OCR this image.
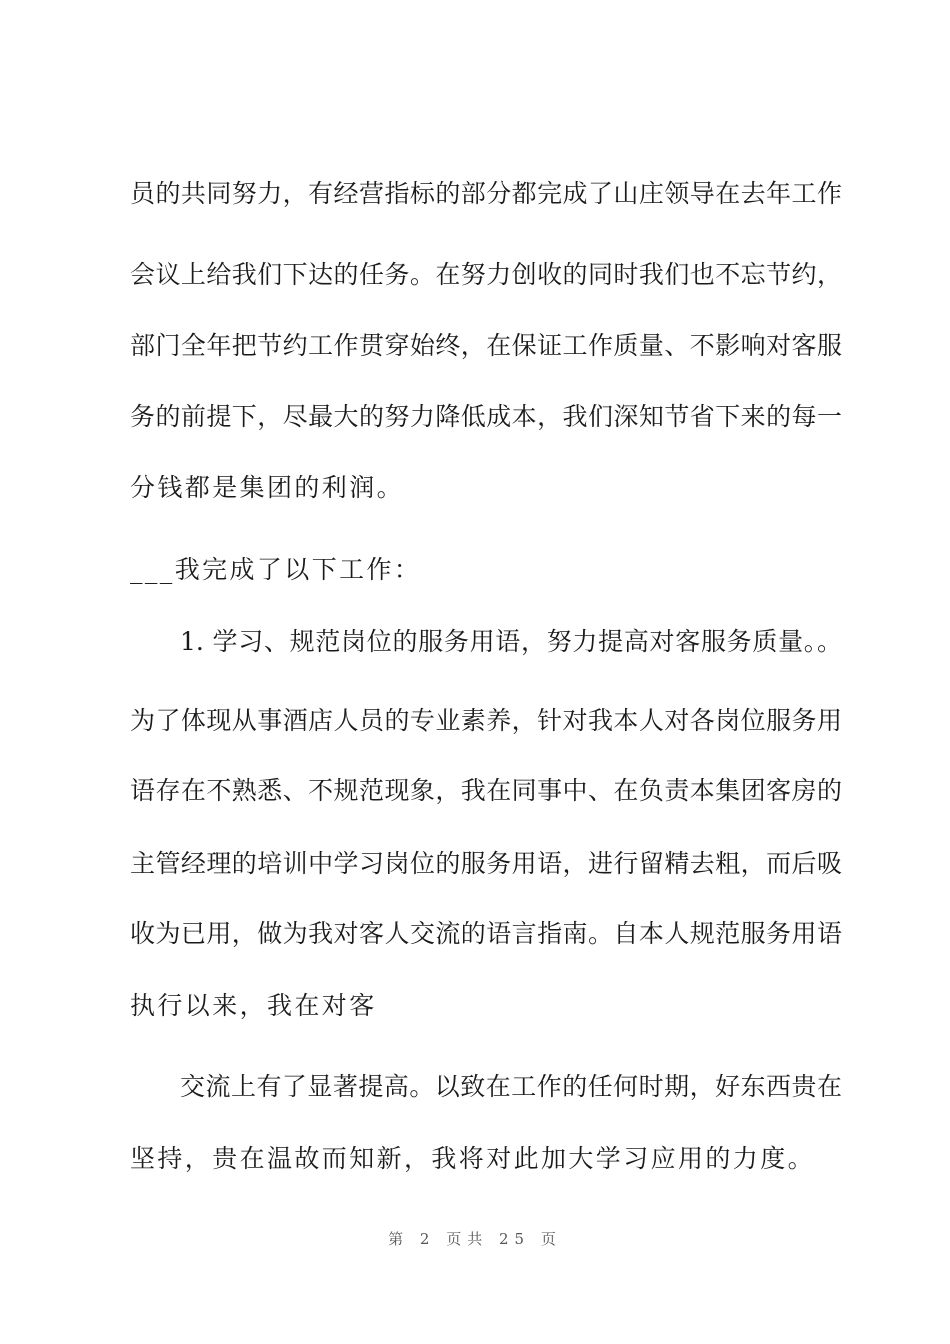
员的共同努力，有经营指标的部分都完成了山庄领导在去年工作
会议上给我们下达的任务。在努力创收的同时我们也不忘节约，
部门全年把节约工作贯穿始终，在保证工作质量、不影响对客服
务的前提下，尽最大的努力降低成本，我们深知节省下来的每一
分钱都是集团的利润。
___我完成了以下工作：
1. 学习、规范岗位的服务用语，努力提高对客服务质量。。
为了体现从事酒店人员的专业素养，针对我本人对各岗位服务用
语存在不熟悉、不规范现象，我在同事中、在负责本集团客房的
主管经理的培训中学习岗位的服务用语，进行留精去粗，而后吸
收为已用，做为我对客人交流的语言指南。自本人规范服务用语
执行以来，我在对客
交流上有了显著提高。以致在工作的任何时期，好东西贵在
坚持，贵在温故而知新，我将对此加大学习应用的力度。
第 2 页共 25 页
